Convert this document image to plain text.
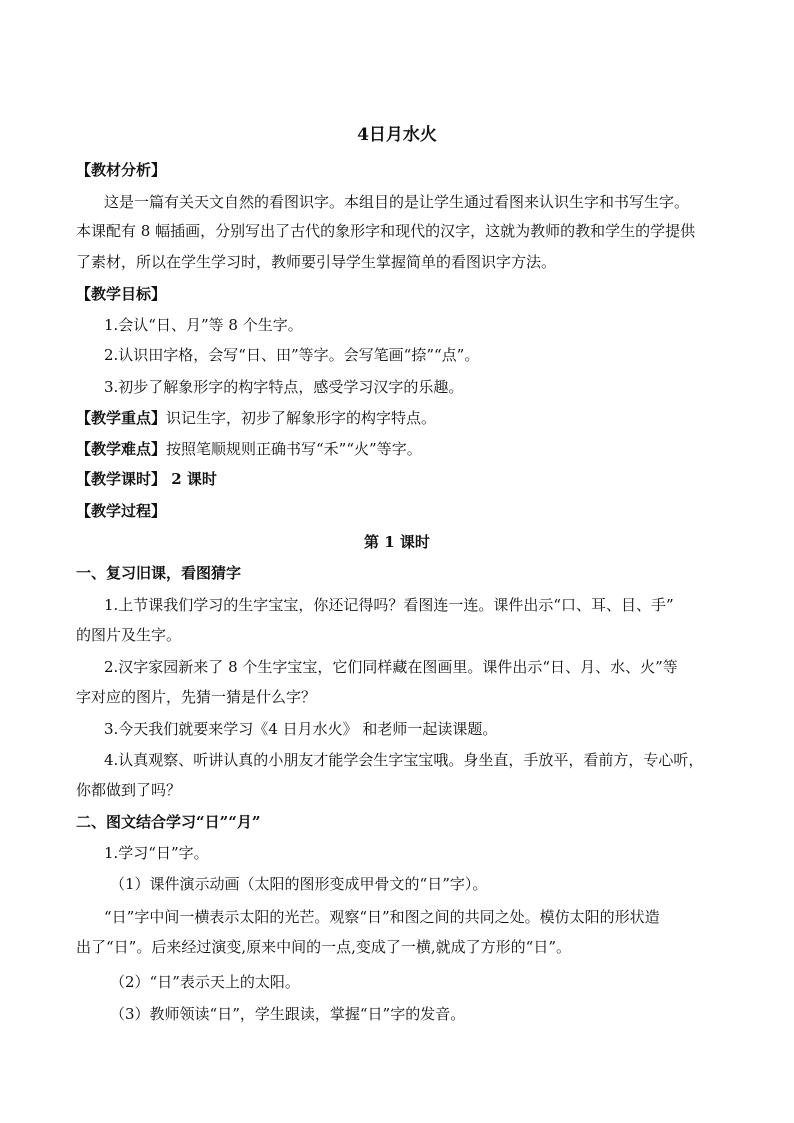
4日月水火
【教材分析】
这是一篇有关天文自然的看图识字。本组目的是让学生通过看图来认识生字和书写生字。
本课配有 8 幅插画，分别写出了古代的象形字和现代的汉字，这就为教师的教和学生的学提供
了素材，所以在学生学习时，教师要引导学生掌握简单的看图识字方法。
【教学目标】
1.会认“日、月”等 8 个生字。
2.认识田字格，会写“日、田”等字。会写笔画“捺”“点”。
3.初步了解象形字的构字特点，感受学习汉字的乐趣。
【教学重点】识记生字，初步了解象形字的构字特点。
【教学难点】按照笔顺规则正确书写“禾”“火”等字。
【教学课时】 2 课时
【教学过程】
第 1 课时
一、复习旧课，看图猜字
1.上节课我们学习的生字宝宝，你还记得吗？看图连一连。课件出示“口、耳、目、手”
的图片及生字。
2.汉字家园新来了 8 个生字宝宝，它们同样藏在图画里。课件出示“日、月、水、火”等
字对应的图片，先猜一猜是什么字？
3.今天我们就要来学习《4 日月水火》 和老师一起读课题。
4.认真观察、听讲认真的小朋友才能学会生字宝宝哦。身坐直，手放平，看前方，专心听，
你都做到了吗？
二、图文结合学习“日”“月”
1.学习“日”字。
（1）课件演示动画（太阳的图形变成甲骨文的“日”字）。
“日”字中间一横表示太阳的光芒。观察“日”和图之间的共同之处。模仿太阳的形状造
出了“日”。后来经过演变,原来中间的一点,变成了一横,就成了方形的“日”。
（2）“日”表示天上的太阳。
（3）教师领读“日”，学生跟读，掌握“日”字的发音。
